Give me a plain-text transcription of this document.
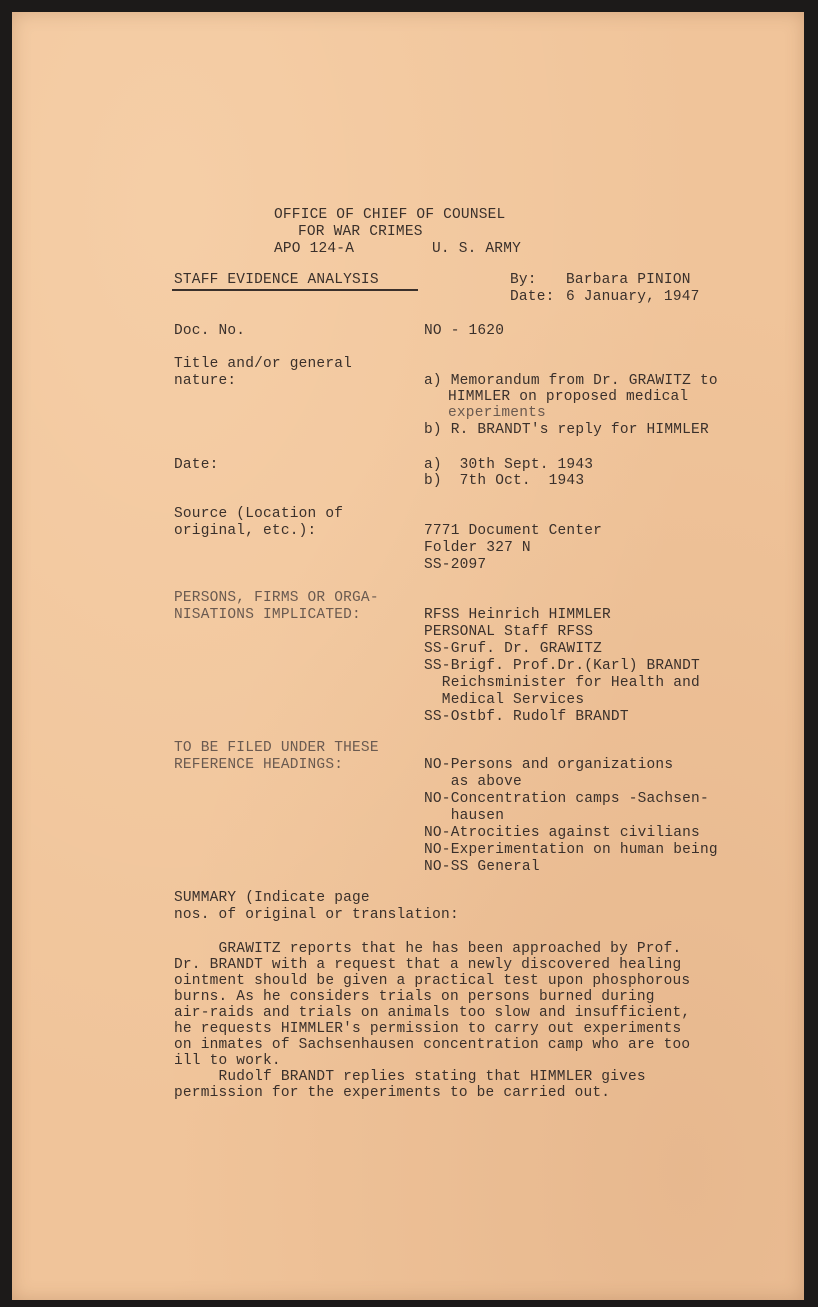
OFFICE OF CHIEF OF COUNSEL
FOR WAR CRIMES
APO 124-A	U. S. ARMY
STAFF EVIDENCE ANALYSIS	By: Barbara PINION
Date: 6 January, 1947
Doc. No.	NO - 1620
Title and/or general
nature:	a) Memorandum from Dr. GRAWITZ to
HIMMLER on proposed medical
experiments
b) R. BRANDT's reply for HIMMLER
Date:	a)  30th Sept. 1943
b)  7th Oct.  1943
Source (Location of
original, etc.):	7771 Document Center
Folder 327 N
SS-2097
PERSONS, FIRMS OR ORGA-
NISATIONS IMPLICATED:	RFSS Heinrich HIMMLER
PERSONAL Staff RFSS
SS-Gruf. Dr. GRAWITZ
SS-Brigf. Prof.Dr.(Karl) BRANDT
Reichsminister for Health and
Medical Services
SS-Ostbf. Rudolf BRANDT
TO BE FILED UNDER THESE
REFERENCE HEADINGS:	NO-Persons and organizations
as above
NO-Concentration camps -Sachsen-
hausen
NO-Atrocities against civilians
NO-Experimentation on human being
NO-SS General
SUMMARY (Indicate page
nos. of original or translation:
GRAWITZ reports that he has been approached by Prof.
Dr. BRANDT with a request that a newly discovered healing
ointment should be given a practical test upon phosphorous
burns. As he considers trials on persons burned during
air-raids and trials on animals too slow and insufficient,
he requests HIMMLER's permission to carry out experiments
on inmates of Sachsenhausen concentration camp who are too
ill to work.
Rudolf BRANDT replies stating that HIMMLER gives
permission for the experiments to be carried out.
